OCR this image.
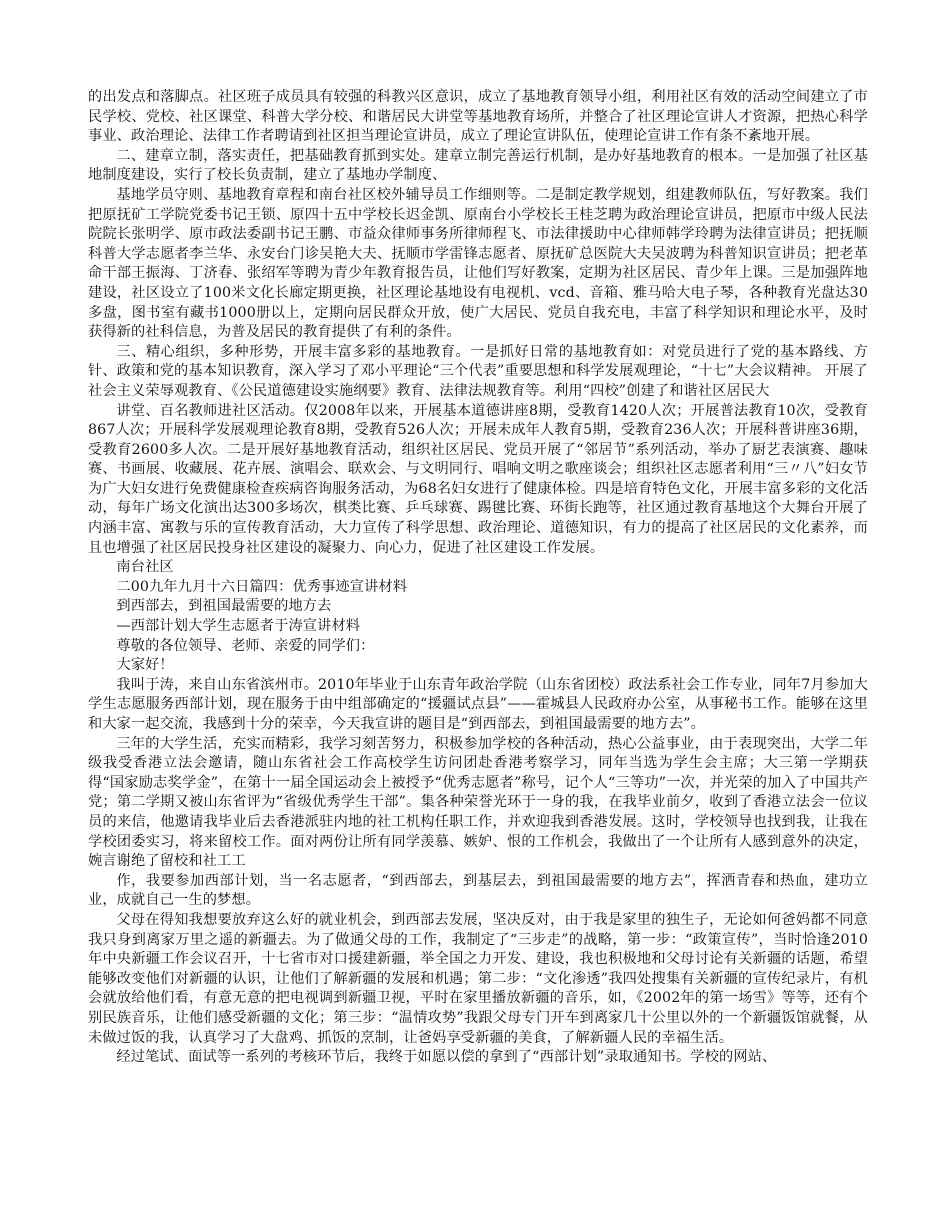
的出发点和落脚点。社区班子成员具有较强的科教兴区意识，成立了基地教育领导小组，利用社区有效的活动空间建立了市民学校、党校、社区课堂、科普大学分校、和谐居民大讲堂等基地教育场所，并整合了社区理论宣讲人才资源，把热心科学事业、政治理论、法律工作者聘请到社区担当理论宣讲员，成立了理论宣讲队伍，使理论宣讲工作有条不紊地开展。

二、建章立制，落实责任，把基础教育抓到实处。建章立制完善运行机制，是办好基地教育的根本。一是加强了社区基地制度建设，实行了校长负责制，建立了基地办学制度、

基地学员守则、基地教育章程和南台社区校外辅导员工作细则等。二是制定教学规划，组建教师队伍，写好教案。我们把原抚矿工学院党委书记王锁、原四十五中学校长迟金凯、原南台小学校长王桂芝聘为政治理论宣讲员，把原市中级人民法院院长张明学、原市政法委副书记王鹏、市益众律师事务所律师程飞、市法律援助中心律师韩学玲聘为法律宣讲员；把抚顺科普大学志愿者李兰华、永安台门诊吴艳大夫、抚顺市学雷锋志愿者、原抚矿总医院大夫吴波聘为科普知识宣讲员；把老革命干部王振海、丁济春、张绍军等聘为青少年教育报告员，让他们写好教案，定期为社区居民、青少年上课。三是加强阵地建设，社区设立了100米文化长廊定期更换，社区理论基地设有电视机、vcd、音箱、雅马哈大电子琴，各种教育光盘达30多盘，图书室有藏书1000册以上，定期向居民群众开放，使广大居民、党员自我充电，丰富了科学知识和理论水平，及时获得新的社科信息，为普及居民的教育提供了有利的条件。

三、精心组织，多种形势，开展丰富多彩的基地教育。一是抓好日常的基地教育如：对党员进行了党的基本路线、方针、政策和党的基本知识教育，深入学习了邓小平理论“三个代表”重要思想和科学发展观理论，“十七”大会议精神。 开展了社会主义荣辱观教育、《公民道德建设实施纲要》教育、法律法规教育等。利用“四校”创建了和谐社区居民大

讲堂、百名教师进社区活动。仅2008年以来，开展基本道德讲座8期，受教育1420人次；开展普法教育10次，受教育867人次；开展科学发展观理论教育8期，受教育526人次；开展未成年人教育5期，受教育236人次；开展科普讲座36期，受教育2600多人次。二是开展好基地教育活动，组织社区居民、党员开展了“邻居节”系列活动，举办了厨艺表演赛、趣味赛、书画展、收藏展、花卉展、演唱会、联欢会、与文明同行、唱响文明之歌座谈会；组织社区志愿者利用“三〃八”妇女节为广大妇女进行免费健康检查疾病咨询服务活动，为68名妇女进行了健康体检。四是培育特色文化，开展丰富多彩的文化活动，每年广场文化演出达300多场次，棋类比赛、乒乓球赛、踢毽比赛、环街长跑等，社区通过教育基地这个大舞台开展了内涵丰富、寓教与乐的宣传教育活动，大力宣传了科学思想、政治理论、道德知识，有力的提高了社区居民的文化素养，而且也增强了社区居民投身社区建设的凝聚力、向心力，促进了社区建设工作发展。

南台社区

二00九年九月十六日篇四：优秀事迹宣讲材料

到西部去，到祖国最需要的地方去

—西部计划大学生志愿者于涛宣讲材料

尊敬的各位领导、老师、亲爱的同学们：

大家好！

我叫于涛，来自山东省滨州市。2010年毕业于山东青年政治学院（山东省团校）政法系社会工作专业，同年7月参加大学生志愿服务西部计划，现在服务于由中组部确定的“援疆试点县”——霍城县人民政府办公室，从事秘书工作。能够在这里和大家一起交流，我感到十分的荣幸，今天我宣讲的题目是“到西部去，到祖国最需要的地方去”。

三年的大学生活，充实而精彩，我学习刻苦努力，积极参加学校的各种活动，热心公益事业，由于表现突出，大学二年级我受香港立法会邀请，随山东省社会工作高校学生访问团赴香港考察学习，同年当选为学生会主席；大三第一学期获得“国家励志奖学金”，在第十一届全国运动会上被授予“优秀志愿者”称号，记个人“三等功”一次，并光荣的加入了中国共产党；第二学期又被山东省评为“省级优秀学生干部”。集各种荣誉光环于一身的我，在我毕业前夕，收到了香港立法会一位议员的来信，他邀请我毕业后去香港派驻内地的社工机构任职工作，并欢迎我到香港发展。这时，学校领导也找到我，让我在学校团委实习，将来留校工作。面对两份让所有同学羡慕、嫉妒、恨的工作机会，我做出了一个让所有人感到意外的决定，婉言谢绝了留校和社工工

作，我要参加西部计划，当一名志愿者，“到西部去，到基层去，到祖国最需要的地方去”，挥洒青春和热血，建功立业，成就自己一生的梦想。

父母在得知我想要放弃这么好的就业机会，到西部去发展，坚决反对，由于我是家里的独生子，无论如何爸妈都不同意我只身到离家万里之遥的新疆去。为了做通父母的工作，我制定了“三步走”的战略，第一步：“政策宣传”，当时恰逢2010年中央新疆工作会议召开，十七省市对口援建新疆，举全国之力开发、建设，我也积极地和父母讨论有关新疆的话题，希望能够改变他们对新疆的认识，让他们了解新疆的发展和机遇；第二步：“文化渗透”我四处搜集有关新疆的宣传纪录片，有机会就放给他们看，有意无意的把电视调到新疆卫视，平时在家里播放新疆的音乐，如，《2002年的第一场雪》等等，还有个别民族音乐，让他们感受新疆的文化；第三步：“温情攻势”我跟父母专门开车到离家几十公里以外的一个新疆饭馆就餐，从未做过饭的我，认真学习了大盘鸡、抓饭的烹制，让爸妈享受新疆的美食，了解新疆人民的幸福生活。

经过笔试、面试等一系列的考核环节后，我终于如愿以偿的拿到了“西部计划”录取通知书。学校的网站、
